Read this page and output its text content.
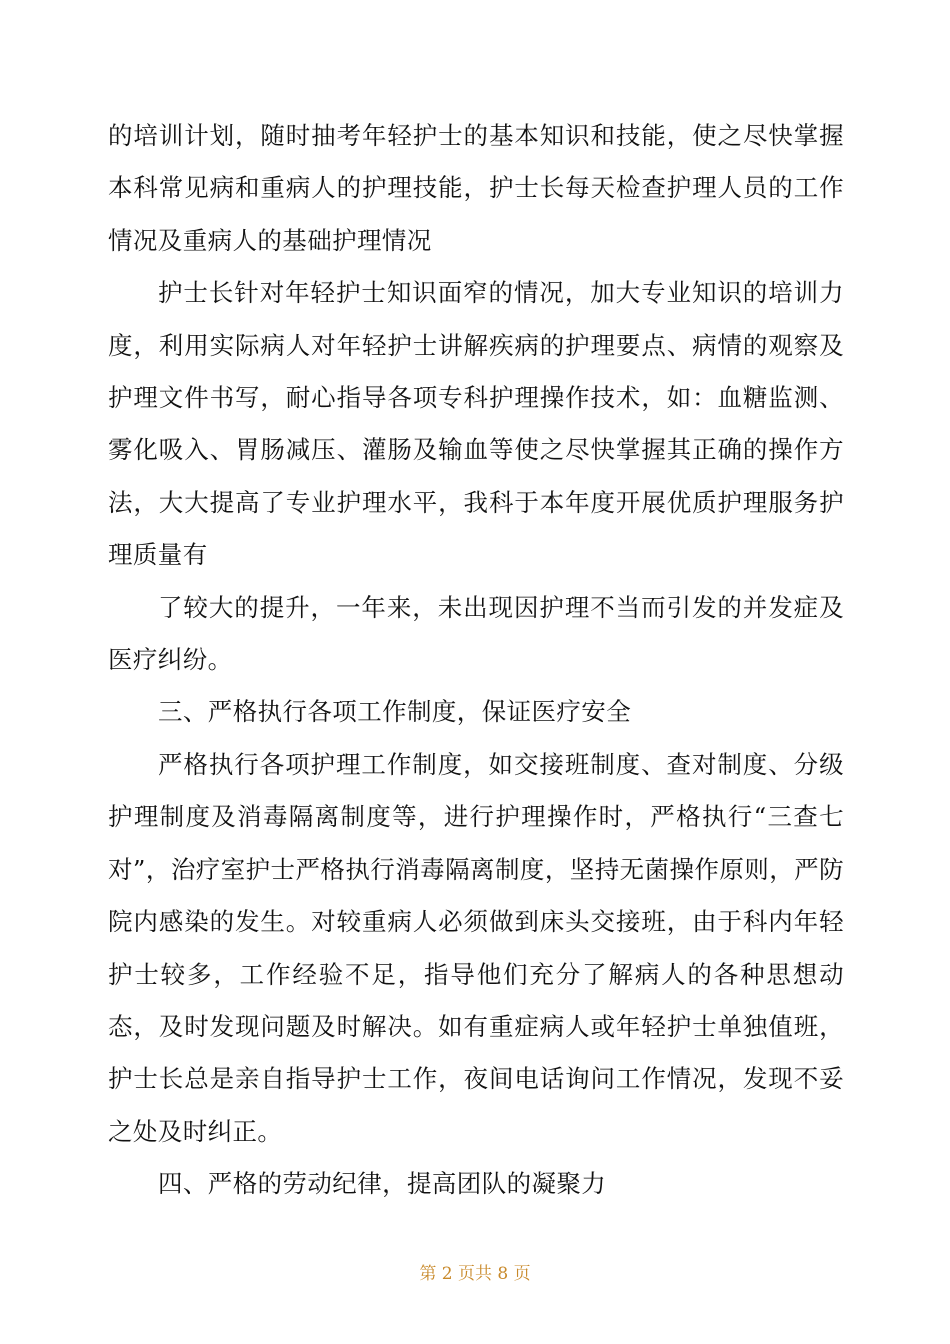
的培训计划，随时抽考年轻护士的基本知识和技能，使之尽快掌握本科常见病和重病人的护理技能，护士长每天检查护理人员的工作情况及重病人的基础护理情况

护士长针对年轻护士知识面窄的情况，加大专业知识的培训力度，利用实际病人对年轻护士讲解疾病的护理要点、病情的观察及护理文件书写，耐心指导各项专科护理操作技术，如：血糖监测、雾化吸入、胃肠减压、灌肠及输血等使之尽快掌握其正确的操作方法，大大提高了专业护理水平，我科于本年度开展优质护理服务护理质量有

了较大的提升，一年来，未出现因护理不当而引发的并发症及医疗纠纷。

三、严格执行各项工作制度，保证医疗安全

严格执行各项护理工作制度，如交接班制度、查对制度、分级护理制度及消毒隔离制度等，进行护理操作时，严格执行“三查七对”，治疗室护士严格执行消毒隔离制度，坚持无菌操作原则，严防院内感染的发生。对较重病人必须做到床头交接班，由于科内年轻护士较多，工作经验不足，指导他们充分了解病人的各种思想动态，及时发现问题及时解决。如有重症病人或年轻护士单独值班，护士长总是亲自指导护士工作，夜间电话询问工作情况，发现不妥之处及时纠正。

四、严格的劳动纪律，提高团队的凝聚力

第 2 页共 8 页
